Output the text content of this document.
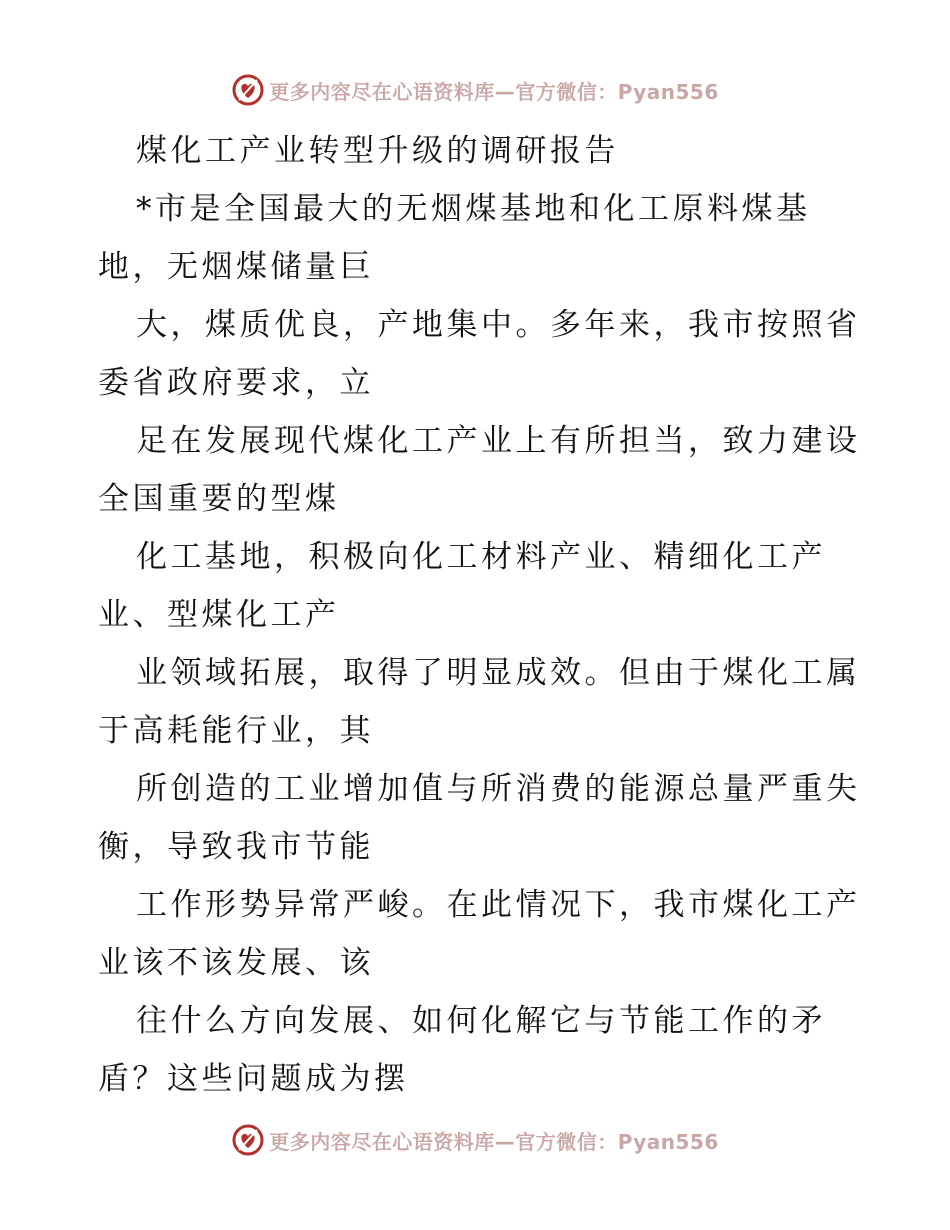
更多内容尽在心语资料库—官方微信：Pyan556
煤化工产业转型升级的调研报告
*市是全国最大的无烟煤基地和化工原料煤基
地，无烟煤储量巨
大，煤质优良，产地集中。多年来，我市按照省
委省政府要求，立
足在发展现代煤化工产业上有所担当，致力建设
全国重要的型煤
化工基地，积极向化工材料产业、精细化工产
业、型煤化工产
业领域拓展，取得了明显成效。但由于煤化工属
于高耗能行业，其
所创造的工业增加值与所消费的能源总量严重失
衡，导致我市节能
工作形势异常严峻。在此情况下，我市煤化工产
业该不该发展、该
往什么方向发展、如何化解它与节能工作的矛
盾？这些问题成为摆
更多内容尽在心语资料库—官方微信：Pyan556
